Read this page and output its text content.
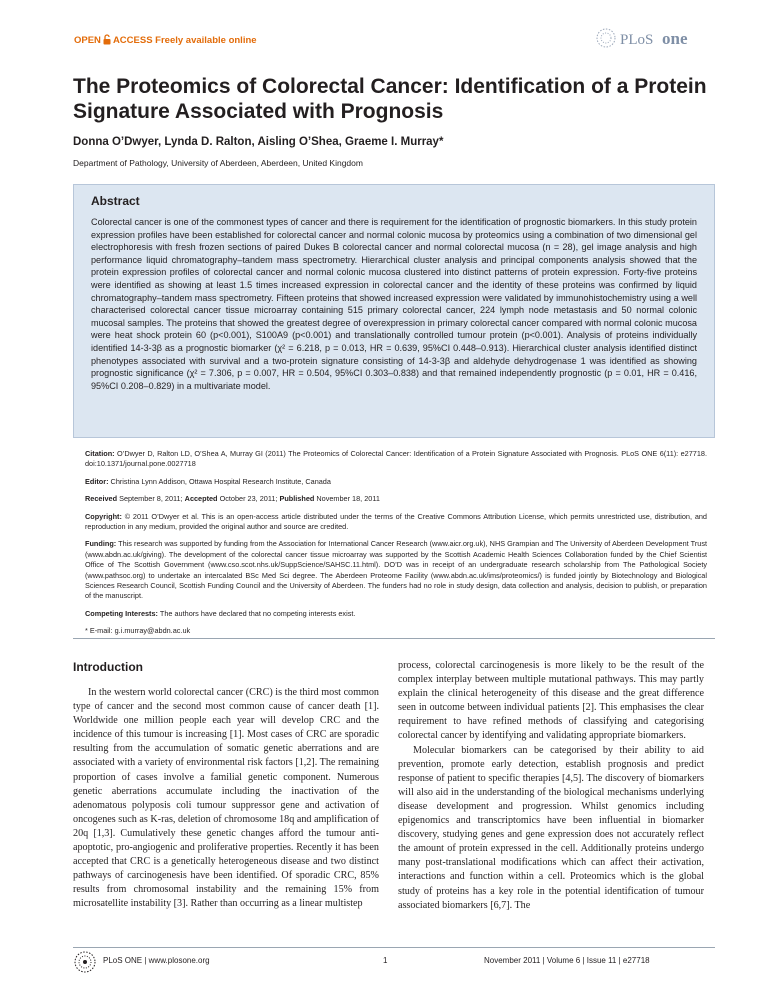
OPEN ACCESS Freely available online	PLoS one
The Proteomics of Colorectal Cancer: Identification of a Protein Signature Associated with Prognosis
Donna O’Dwyer, Lynda D. Ralton, Aisling O’Shea, Graeme I. Murray*
Department of Pathology, University of Aberdeen, Aberdeen, United Kingdom
Abstract

Colorectal cancer is one of the commonest types of cancer and there is requirement for the identification of prognostic biomarkers. In this study protein expression profiles have been established for colorectal cancer and normal colonic mucosa by proteomics using a combination of two dimensional gel electrophoresis with fresh frozen sections of paired Dukes B colorectal cancer and normal colorectal mucosa (n = 28), gel image analysis and high performance liquid chromatography–tandem mass spectrometry. Hierarchical cluster analysis and principal components analysis showed that the protein expression profiles of colorectal cancer and normal colonic mucosa clustered into distinct patterns of protein expression. Forty-five proteins were identified as showing at least 1.5 times increased expression in colorectal cancer and the identity of these proteins was confirmed by liquid chromatography–tandem mass spectrometry. Fifteen proteins that showed increased expression were validated by immunohistochemistry using a well characterised colorectal cancer tissue microarray containing 515 primary colorectal cancer, 224 lymph node metastasis and 50 normal colonic mucosal samples. The proteins that showed the greatest degree of overexpression in primary colorectal cancer compared with normal colonic mucosa were heat shock protein 60 (p<0.001), S100A9 (p<0.001) and translationally controlled tumour protein (p<0.001). Analysis of proteins individually identified 14-3-3β as a prognostic biomarker (χ² = 6.218, p = 0.013, HR = 0.639, 95%CI 0.448–0.913). Hierarchical cluster analysis identified distinct phenotypes associated with survival and a two-protein signature consisting of 14-3-3β and aldehyde dehydrogenase 1 was identified as showing prognostic significance (χ² = 7.306, p = 0.007, HR = 0.504, 95%CI 0.303–0.838) and that remained independently prognostic (p = 0.01, HR = 0.416, 95%CI 0.208–0.829) in a multivariate model.

Citation: O’Dwyer D, Ralton LD, O’Shea A, Murray GI (2011) The Proteomics of Colorectal Cancer: Identification of a Protein Signature Associated with Prognosis. PLoS ONE 6(11): e27718. doi:10.1371/journal.pone.0027718

Editor: Christina Lynn Addison, Ottawa Hospital Research Institute, Canada

Received September 8, 2011; Accepted October 23, 2011; Published November 18, 2011

Copyright: © 2011 O’Dwyer et al. This is an open-access article distributed under the terms of the Creative Commons Attribution License, which permits unrestricted use, distribution, and reproduction in any medium, provided the original author and source are credited.

Funding: This research was supported by funding from the Association for International Cancer Research (www.aicr.org.uk), NHS Grampian and The University of Aberdeen Development Trust (www.abdn.ac.uk/giving). The development of the colorectal cancer tissue microarray was supported by the Scottish Academic Health Sciences Collaboration funded by the Chief Scientist Office of The Scottish Government (www.cso.scot.nhs.uk/SuppScience/SAHSC.11.html). DO’D was in receipt of an undergraduate research scholarship from The Pathological Society (www.pathsoc.org) to undertake an intercalated BSc Med Sci degree. The Aberdeen Proteome Facility (www.abdn.ac.uk/ims/proteomics/) is funded jointly by Biotechnology and Biological Sciences Research Council, Scottish Funding Council and the University of Aberdeen. The funders had no role in study design, data collection and analysis, decision to publish, or preparation of the manuscript.

Competing Interests: The authors have declared that no competing interests exist.

* E-mail: g.i.murray@abdn.ac.uk

Introduction

In the western world colorectal cancer (CRC) is the third most common type of cancer and the second most common cause of cancer death [1]. Worldwide one million people each year will develop CRC and the incidence of this tumour is increasing [1]. Most cases of CRC are sporadic resulting from the accumulation of somatic genetic aberrations and are associated with a variety of environmental risk factors [1,2]. The remaining proportion of cases involve a familial genetic component. Numerous genetic aberrations accumulate including the inactivation of the adenomatous polyposis coli tumour suppressor gene and activation of oncogenes such as K-ras, deletion of chromosome 18q and amplification of 20q [1,3]. Cumulatively these genetic changes afford the tumour anti-apoptotic, pro-angiogenic and proliferative properties. Recently it has been accepted that CRC is a genetically heterogeneous disease and two distinct pathways of carcinogenesis have been identified. Of sporadic CRC, 85% results from chromosomal instability and the remaining 15% from microsatellite instability [3]. Rather than occurring as a linear multistep

process, colorectal carcinogenesis is more likely to be the result of the complex interplay between multiple mutational pathways. This may partly explain the clinical heterogeneity of this disease and the great difference seen in outcome between individual patients [2]. This emphasises the clear requirement to have refined methods of classifying and categorising colorectal cancer by identifying and validating appropriate biomarkers.

Molecular biomarkers can be categorised by their ability to aid prevention, promote early detection, establish prognosis and predict response of patient to specific therapies [4,5]. The discovery of biomarkers will also aid in the understanding of the biological mechanisms underlying disease development and progression. Whilst genomics including epigenomics and transcriptomics have been influential in biomarker discovery, studying genes and gene expression does not accurately reflect the amount of protein expressed in the cell. Additionally proteins undergo many post-translational modifications which can affect their activation, interactions and function within a cell. Proteomics which is the global study of proteins has a key role in the potential identification of tumour associated biomarkers [6,7]. The

PLoS ONE | www.plosone.org	1	November 2011 | Volume 6 | Issue 11 | e27718
